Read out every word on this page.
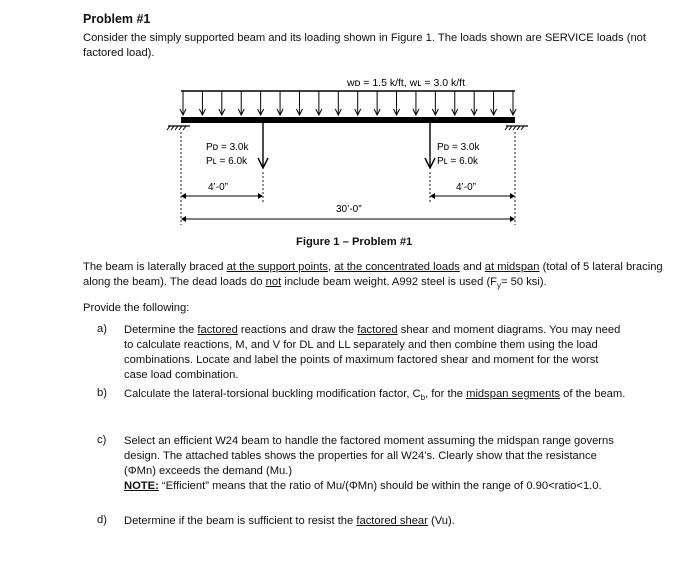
Problem #1
Consider the simply supported beam and its loading shown in Figure 1. The loads shown are SERVICE loads (not factored load).
wᴅ = 1.5 k/ft, wʟ = 3.0 k/ft
Pᴅ = 3.0k
Pʟ = 6.0k
Pᴅ = 3.0k
Pʟ = 6.0k
4’-0”	4’-0”
30’-0”
Figure 1 – Problem #1
The beam is laterally braced at the support points, at the concentrated loads and at midspan (total of 5 lateral bracing along the beam). The dead loads do not include beam weight. A992 steel is used ($F_y= 50$ ksi).
Provide the following:
a) Determine the factored reactions and draw the factored shear and moment diagrams. You may need to calculate reactions, M, and V for DL and LL separately and then combine them using the load combinations. Locate and label the points of maximum factored shear and moment for the worst case load combination.
b) Calculate the lateral-torsional buckling modification factor, $C_b$, for the midspan segments of the beam.
c) Select an efficient W24 beam to handle the factored moment assuming the midspan range governs design. The attached tables shows the properties for all W24’s. Clearly show that the resistance (ΦMn) exceeds the demand (Mu.)
NOTE: “Efficient” means that the ratio of Mu/(ΦMn) should be within the range of 0.90<ratio<1.0.
d) Determine if the beam is sufficient to resist the factored shear (Vu).
